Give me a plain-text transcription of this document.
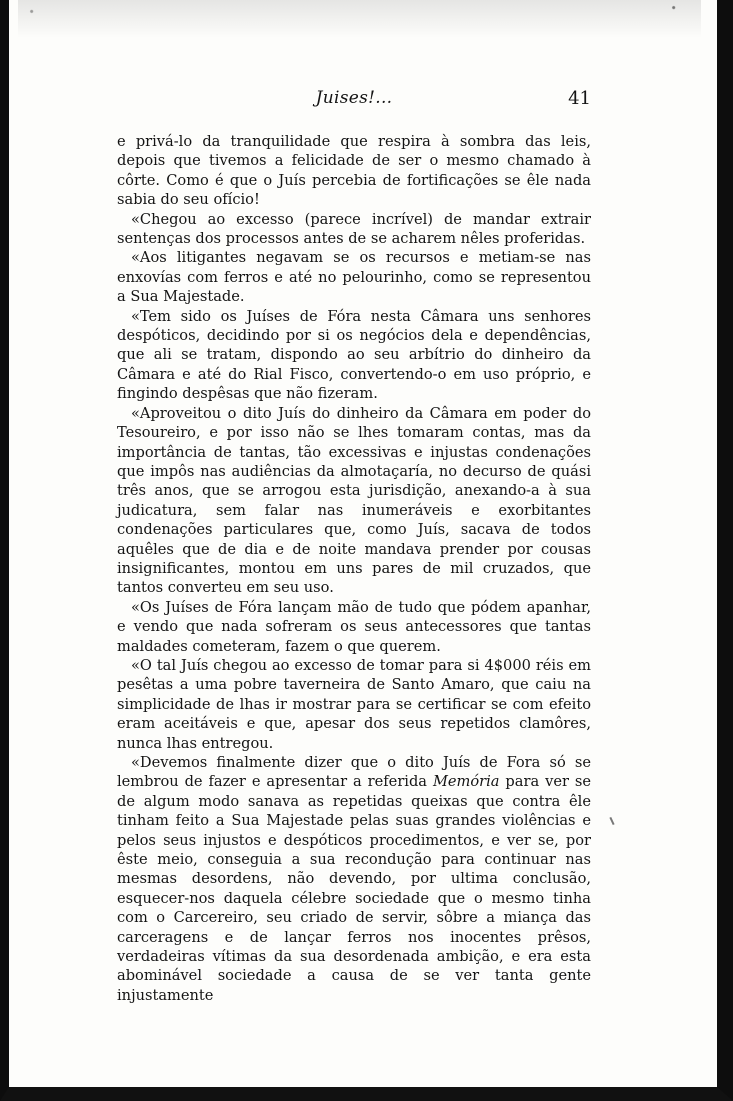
Juises!...	41

e privá-lo da tranquilidade que respira à sombra das leis, depois que tivemos a felicidade de ser o mesmo chamado à côrte. Como é que o Juís percebia de fortificações se êle nada sabia do seu ofício!

«Chegou ao excesso (parece incrível) de mandar extrair sentenças dos processos antes de se acharem nêles proferidas.

«Aos litigantes negavam se os recursos e metiam-se nas enxovías com ferros e até no pelourinho, como se representou a Sua Majestade.

«Tem sido os Juíses de Fóra nesta Câmara uns senhores despóticos, decidindo por si os negócios dela e dependências, que ali se tratam, dispondo ao seu arbítrio do dinheiro da Câmara e até do Rial Fisco, convertendo-o em uso próprio, e fingindo despêsas que não fizeram.

«Aproveitou o dito Juís do dinheiro da Câmara em poder do Tesoureiro, e por isso não se lhes tomaram contas, mas da importância de tantas, tão excessivas e injustas condenações que impôs nas audiências da almotaçaría, no decurso de quási três anos, que se arrogou esta jurisdição, anexando-a à sua judicatura, sem falar nas inumeráveis e exorbitantes condenações particulares que, como Juís, sacava de todos aquêles que de dia e de noite mandava prender por cousas insignificantes, montou em uns pares de mil cruzados, que tantos converteu em seu uso.

«Os Juíses de Fóra lançam mão de tudo que pódem apanhar, e vendo que nada sofreram os seus antecessores que tantas maldades cometeram, fazem o que querem.

«O tal Juís chegou ao excesso de tomar para si 4$000 réis em pesêtas a uma pobre taverneira de Santo Amaro, que caiu na simplicidade de lhas ir mostrar para se certificar se com efeito eram aceitáveis e que, apesar dos seus repetidos clamôres, nunca lhas entregou.

«Devemos finalmente dizer que o dito Juís de Fora só se lembrou de fazer e apresentar a referida Memória para ver se de algum modo sanava as repetidas queixas que contra êle tinham feito a Sua Majestade pelas suas grandes violências e pelos seus injustos e despóticos procedimentos, e ver se, por êste meio, conseguia a sua recondução para continuar nas mesmas desordens, não devendo, por ultima conclusão, esquecer-nos daquela célebre sociedade que o mesmo tinha com o Carcereiro, seu criado de servir, sôbre a miança das carceragens e de lançar ferros nos inocentes prêsos, verdadeiras vítimas da sua desordenada ambição, e era esta abominável sociedade a causa de se ver tanta gente injustamente
